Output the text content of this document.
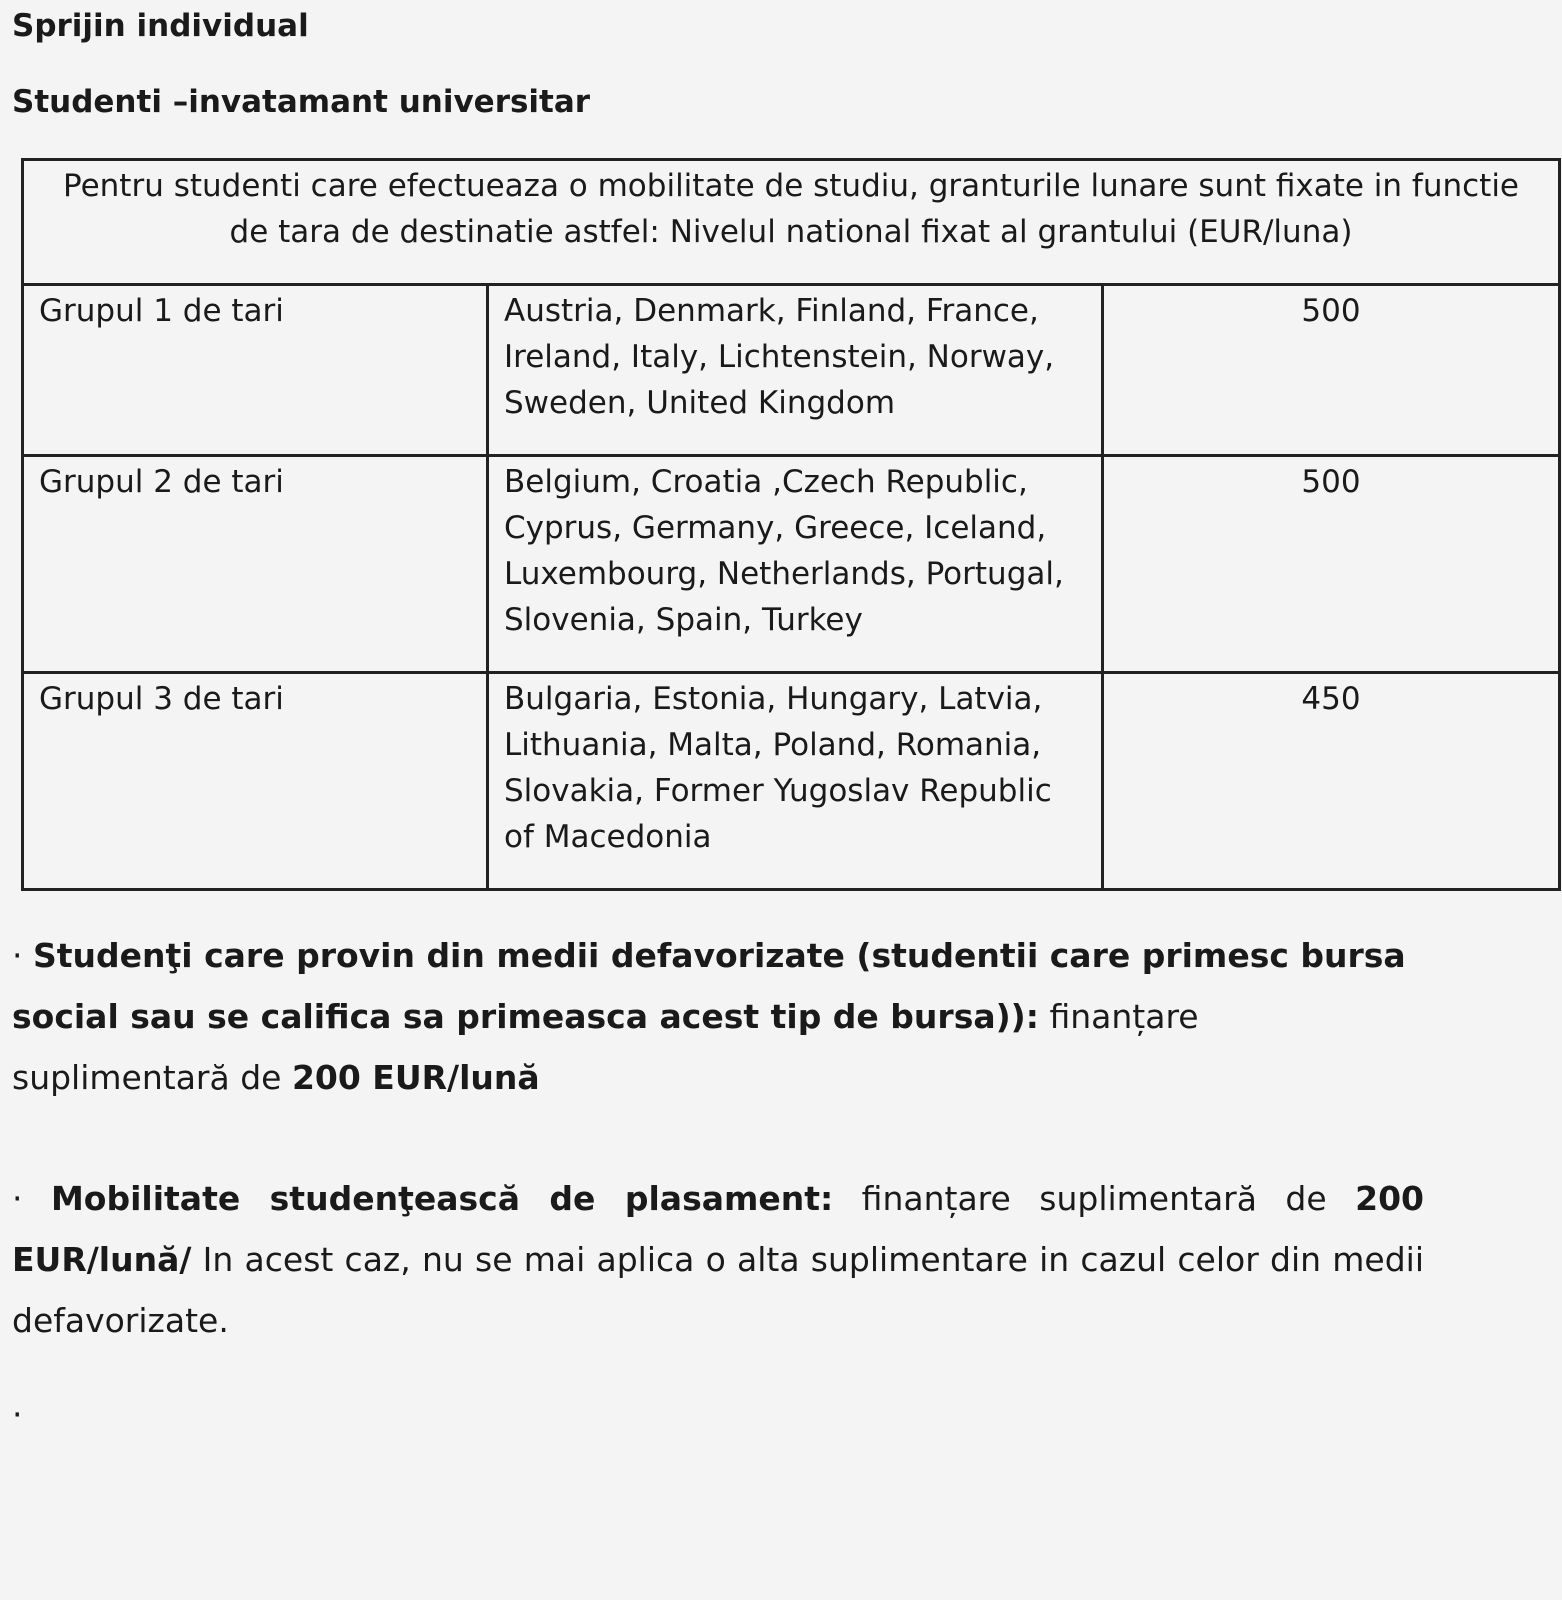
Sprijin individual
Studenti –invatamant universitar
Pentru studenti care efectueaza o mobilitate de studiu, granturile lunare sunt fixate in functie de tara de destinatie astfel: Nivelul national fixat al grantului (EUR/luna)		

Grupul 1 de tari	Austria, Denmark, Finland, France, Ireland, Italy, Lichtenstein, Norway, Sweden, United Kingdom	500

Grupul 2 de tari	Belgium, Croatia ,Czech Republic, Cyprus, Germany, Greece, Iceland, Luxembourg, Netherlands, Portugal, Slovenia, Spain, Turkey	500

Grupul 3 de tari	Bulgaria, Estonia, Hungary, Latvia, Lithuania, Malta, Poland, Romania, Slovakia, Former Yugoslav Republic of Macedonia	450

· Studenţi care provin din medii defavorizate (studentii care primesc bursa social sau se califica sa primeasca acest tip de bursa)): finanțare suplimentară de 200 EUR/lună

· Mobilitate studenţească de plasament: finanțare suplimentară de 200 EUR/lună/ In acest caz, nu se mai aplica o alta suplimentare in cazul celor din medii defavorizate.

·
